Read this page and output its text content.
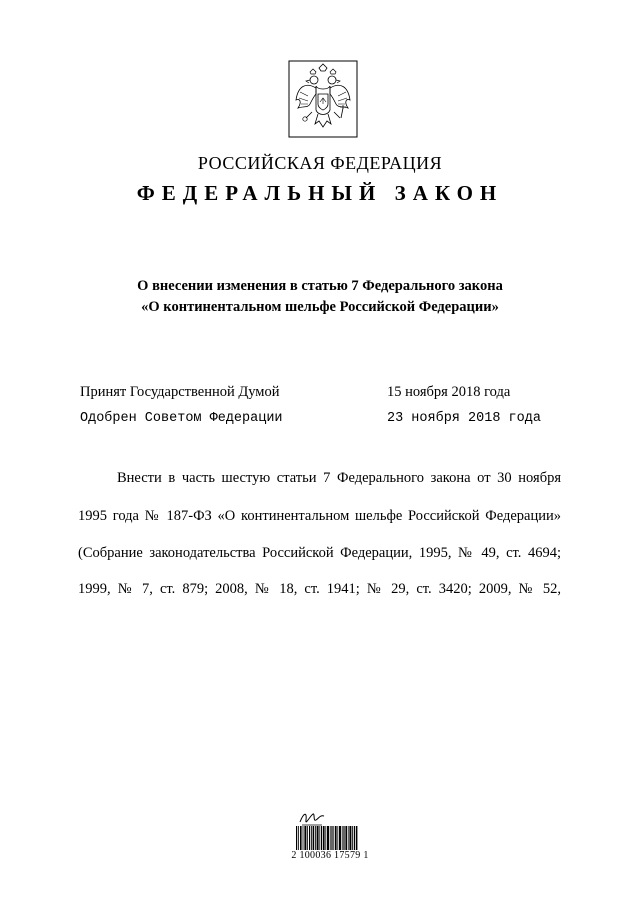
РОССИЙСКАЯ ФЕДЕРАЦИЯ
ФЕДЕРАЛЬНЫЙ ЗАКОН
О внесении изменения в статью 7 Федерального закона
«О континентальном шельфе Российской Федерации»
Принят Государственной Думой	15 ноября 2018 года
Одобрен Советом Федерации	23 ноября 2018 года
Внести в часть шестую статьи 7 Федерального закона от 30 ноября
1995 года № 187-ФЗ «О континентальном шельфе Российской Федерации»
(Собрание законодательства Российской Федерации, 1995, № 49, ст. 4694;
1999, № 7, ст. 879; 2008, № 18, ст. 1941; № 29, ст. 3420; 2009, № 52,
2 100036 17579 1
